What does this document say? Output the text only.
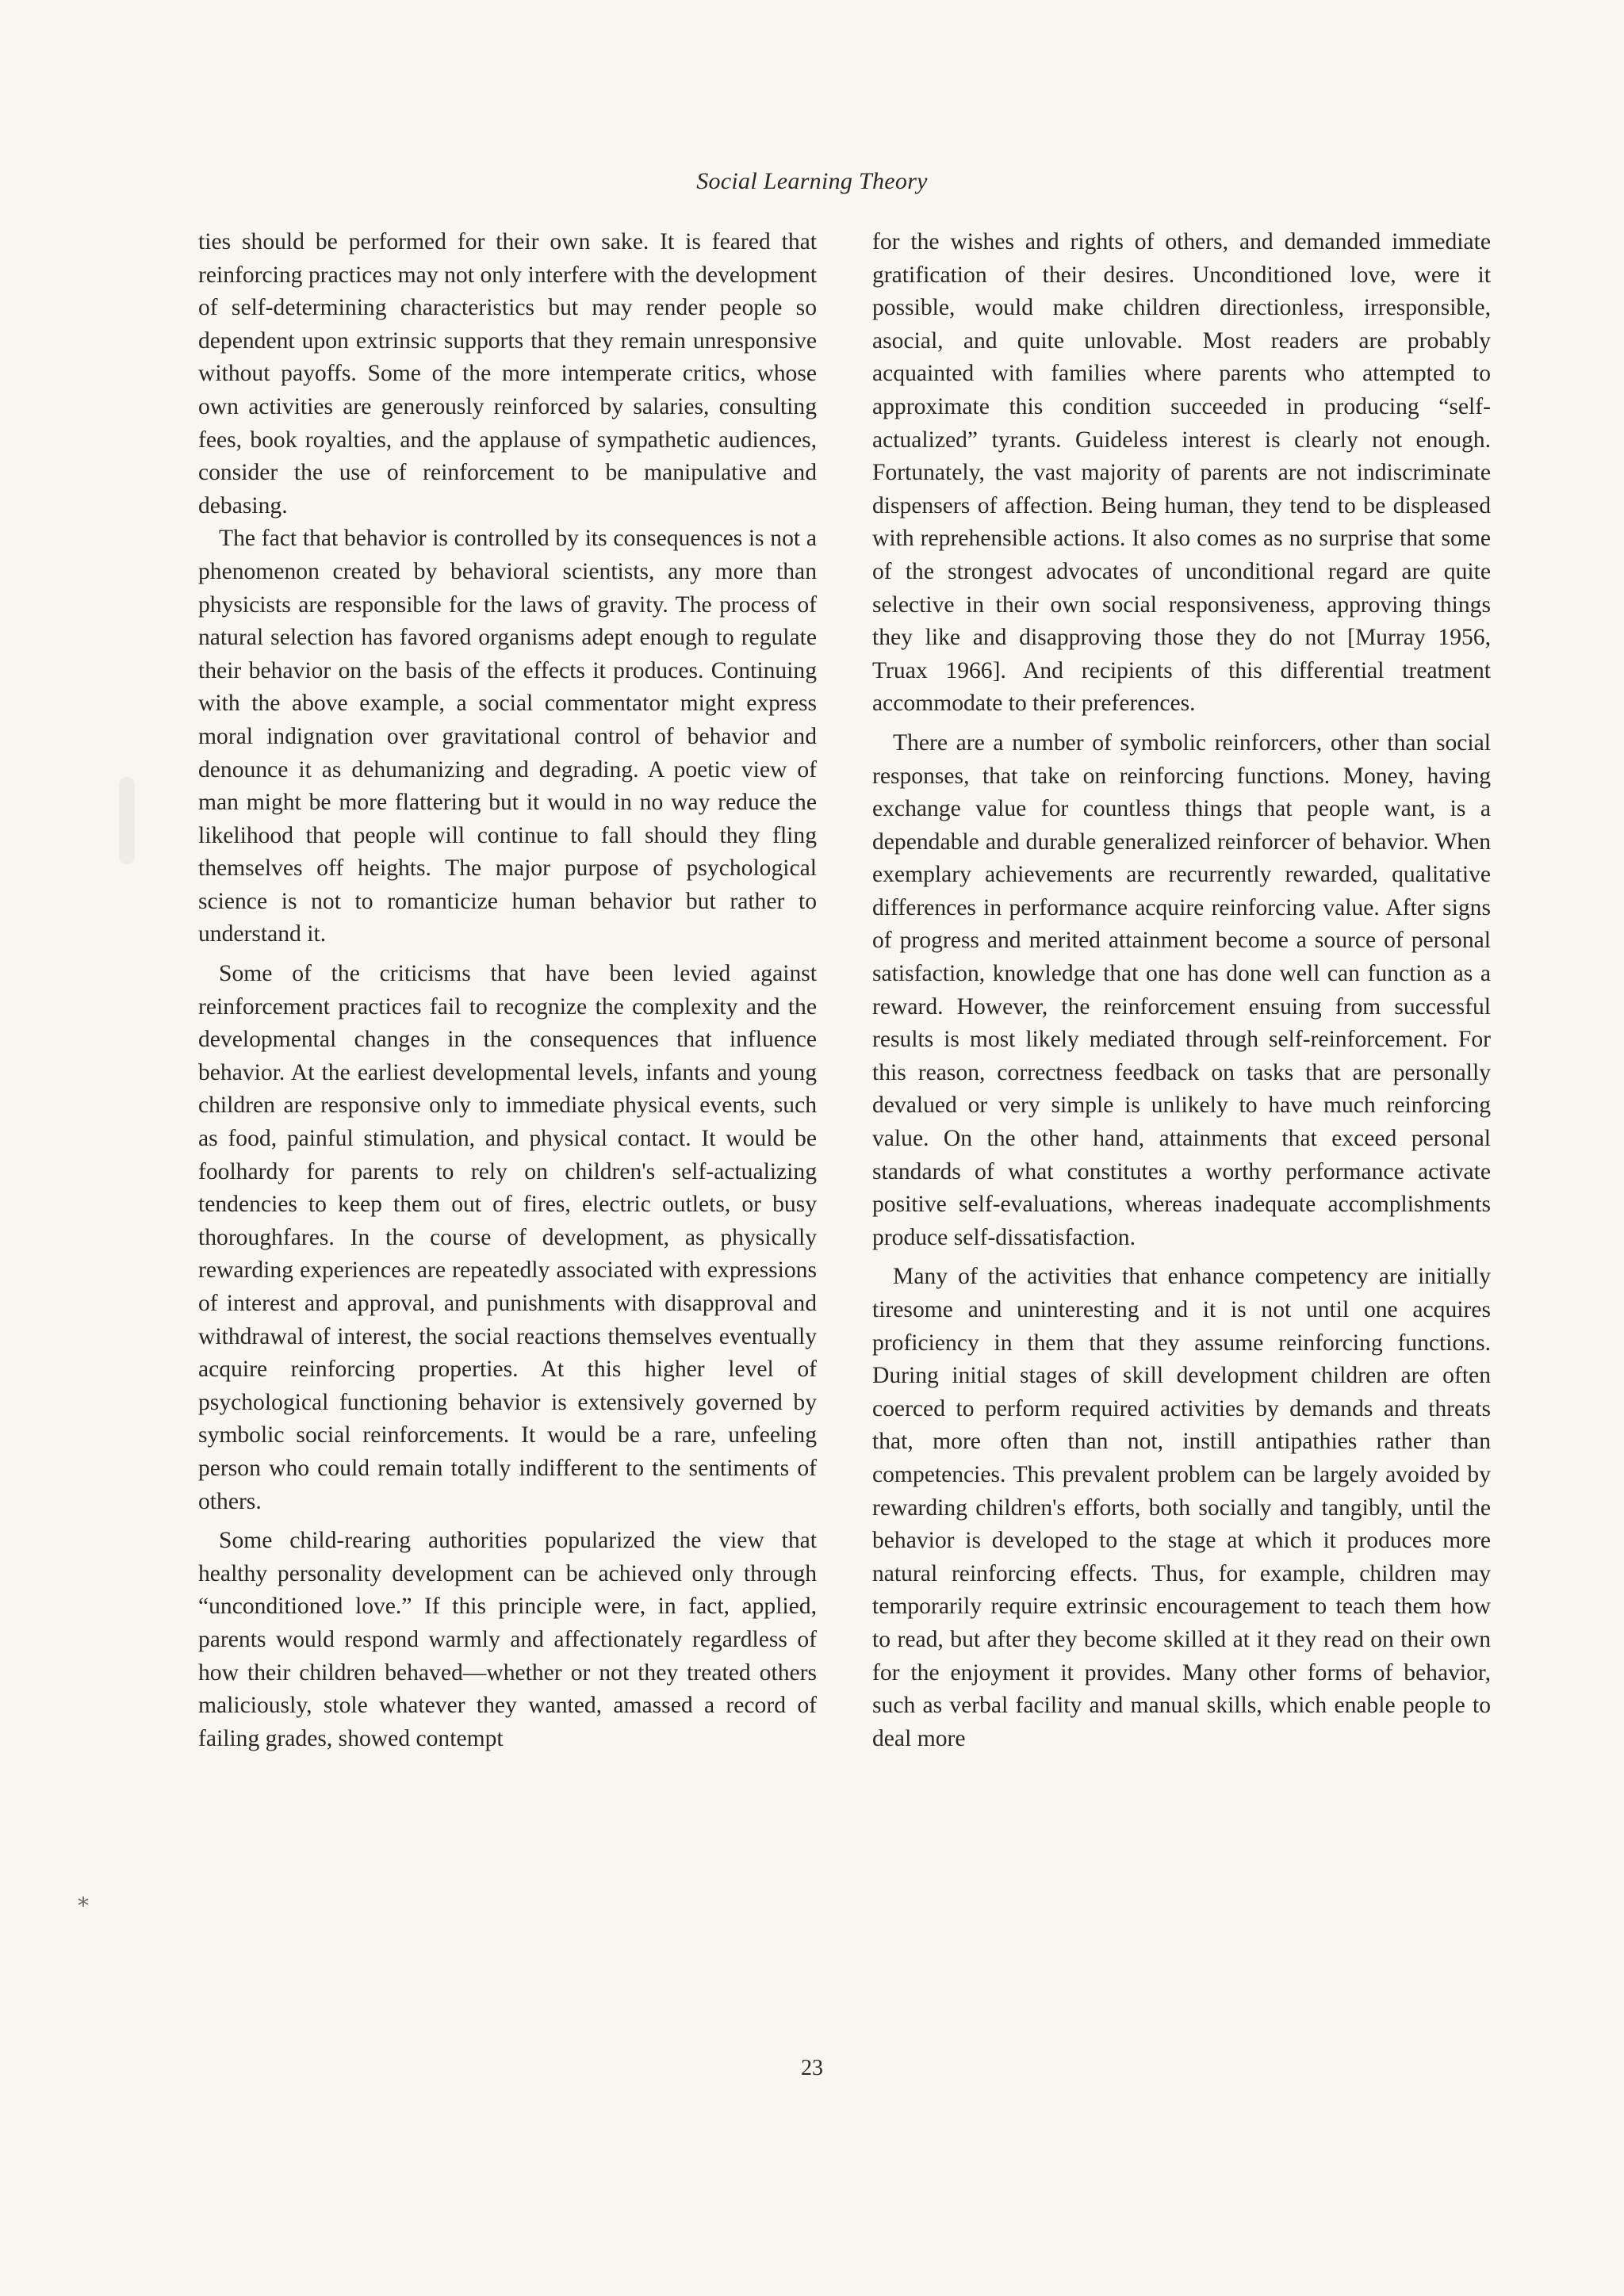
Social Learning Theory

ties should be performed for their own sake. It is feared that reinforcing practices may not only interfere with the development of self-determining characteristics but may render people so dependent upon extrinsic supports that they remain unresponsive without payoffs. Some of the more intemperate critics, whose own activities are generously reinforced by salaries, consulting fees, book royalties, and the applause of sympathetic audiences, consider the use of reinforcement to be manipulative and debasing.

The fact that behavior is controlled by its consequences is not a phenomenon created by behavioral scientists, any more than physicists are responsible for the laws of gravity. The process of natural selection has favored organisms adept enough to regulate their behavior on the basis of the effects it produces. Continuing with the above example, a social commentator might express moral indignation over gravitational control of behavior and denounce it as dehumanizing and degrading. A poetic view of man might be more flattering but it would in no way reduce the likelihood that people will continue to fall should they fling themselves off heights. The major purpose of psychological science is not to romanticize human behavior but rather to understand it.

Some of the criticisms that have been levied against reinforcement practices fail to recognize the complexity and the developmental changes in the consequences that influence behavior. At the earliest developmental levels, infants and young children are responsive only to immediate physical events, such as food, painful stimulation, and physical contact. It would be foolhardy for parents to rely on children's self-actualizing tendencies to keep them out of fires, electric outlets, or busy thoroughfares. In the course of development, as physically rewarding experiences are repeatedly associated with expressions of interest and approval, and punishments with disapproval and withdrawal of interest, the social reactions themselves eventually acquire reinforcing properties. At this higher level of psychological functioning behavior is extensively governed by symbolic social reinforcements. It would be a rare, unfeeling person who could remain totally indifferent to the sentiments of others.

Some child-rearing authorities popularized the view that healthy personality development can be achieved only through “unconditioned love.” If this principle were, in fact, applied, parents would respond warmly and affectionately regardless of how their children behaved—whether or not they treated others maliciously, stole whatever they wanted, amassed a record of failing grades, showed contempt

for the wishes and rights of others, and demanded immediate gratification of their desires. Unconditioned love, were it possible, would make children directionless, irresponsible, asocial, and quite unlovable. Most readers are probably acquainted with families where parents who attempted to approximate this condition succeeded in producing “self-actualized” tyrants. Guideless interest is clearly not enough. Fortunately, the vast majority of parents are not indiscriminate dispensers of affection. Being human, they tend to be displeased with reprehensible actions. It also comes as no surprise that some of the strongest advocates of unconditional regard are quite selective in their own social responsiveness, approving things they like and disapproving those they do not [Murray 1956, Truax 1966]. And recipients of this differential treatment accommodate to their preferences.

There are a number of symbolic reinforcers, other than social responses, that take on reinforcing functions. Money, having exchange value for countless things that people want, is a dependable and durable generalized reinforcer of behavior. When exemplary achievements are recurrently rewarded, qualitative differences in performance acquire reinforcing value. After signs of progress and merited attainment become a source of personal satisfaction, knowledge that one has done well can function as a reward. However, the reinforcement ensuing from successful results is most likely mediated through self-reinforcement. For this reason, correctness feedback on tasks that are personally devalued or very simple is unlikely to have much reinforcing value. On the other hand, attainments that exceed personal standards of what constitutes a worthy performance activate positive self-evaluations, whereas inadequate accomplishments produce self-dissatisfaction.

Many of the activities that enhance competency are initially tiresome and uninteresting and it is not until one acquires proficiency in them that they assume reinforcing functions. During initial stages of skill development children are often coerced to perform required activities by demands and threats that, more often than not, instill antipathies rather than competencies. This prevalent problem can be largely avoided by rewarding children's efforts, both socially and tangibly, until the behavior is developed to the stage at which it produces more natural reinforcing effects. Thus, for example, children may temporarily require extrinsic encouragement to teach them how to read, but after they become skilled at it they read on their own for the enjoyment it provides. Many other forms of behavior, such as verbal facility and manual skills, which enable people to deal more

⁎
23
